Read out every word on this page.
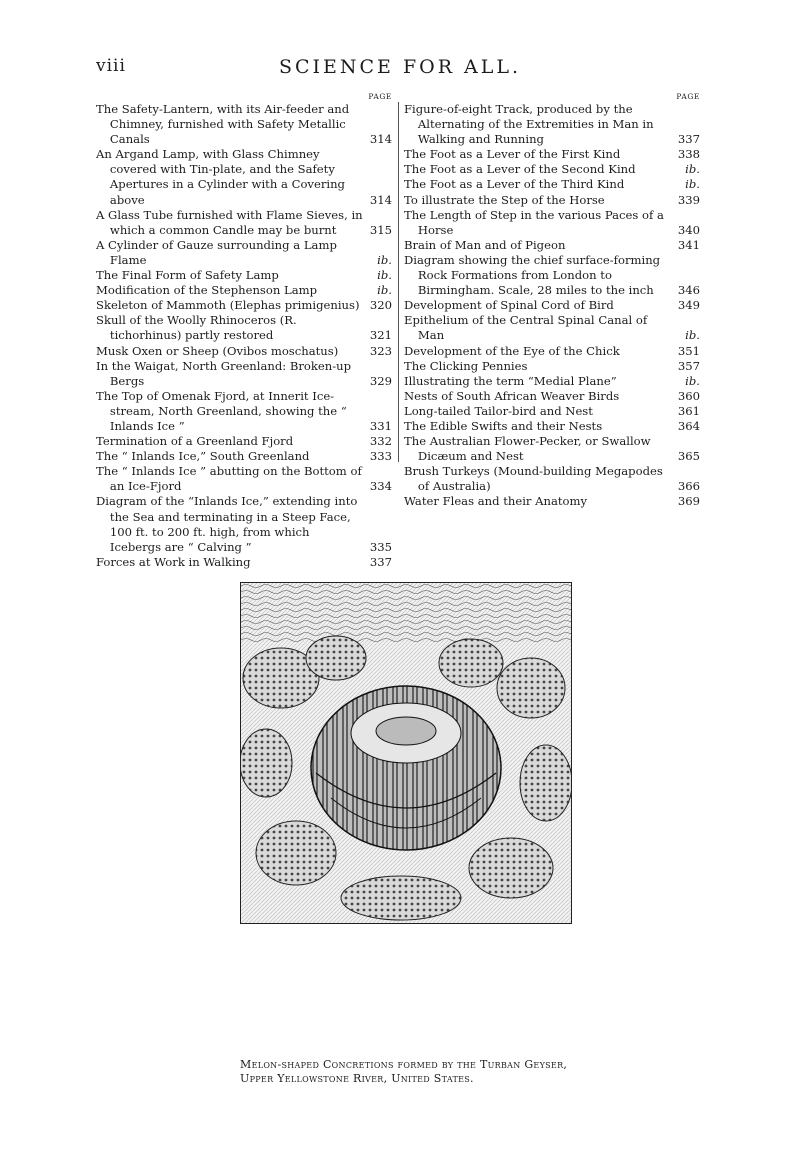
viii	SCIENCE FOR ALL.
PAGE
The Safety-Lantern, with its Air-feeder and Chimney, furnished with Safety Metallic Canals	314
An Argand Lamp, with Glass Chimney covered with Tin-plate, and the Safety Apertures in a Cylinder with a Covering above	314
A Glass Tube furnished with Flame Sieves, in which a common Candle may be burnt	315
A Cylinder of Gauze surrounding a Lamp Flame	ib.
The Final Form of Safety Lamp	ib.
Modification of the Stephenson Lamp	ib.
Skeleton of Mammoth (Elephas primigenius) 320
Skull of the Woolly Rhinoceros (R. tichorhinus) partly restored	321
Musk Oxen or Sheep (Ovibos moschatus)	323
In the Waigat, North Greenland: Broken-up Bergs	329
The Top of Omenak Fjord, at Innerit Ice-stream, North Greenland, showing the “ Inlands Ice ”	331
Termination of a Greenland Fjord	332
The “ Inlands Ice,” South Greenland	333
The “ Inlands Ice ” abutting on the Bottom of an Ice-Fjord	334
Diagram of the “Inlands Ice,” extending into the Sea and terminating in a Steep Face, 100 ft. to 200 ft. high, from which Icebergs are “ Calving ”	335
Forces at Work in Walking	337
PAGE
Figure-of-eight Track, produced by the Alternating of the Extremities in Man in Walking and Running	337
The Foot as a Lever of the First Kind	338
The Foot as a Lever of the Second Kind	ib.
The Foot as a Lever of the Third Kind	ib.
To illustrate the Step of the Horse	339
The Length of Step in the various Paces of a Horse	340
Brain of Man and of Pigeon	341
Diagram showing the chief surface-forming Rock Formations from London to Birmingham. Scale, 28 miles to the inch	346
Development of Spinal Cord of Bird	349
Epithelium of the Central Spinal Canal of Man	ib.
Development of the Eye of the Chick	351
The Clicking Pennies	357
Illustrating the term “Medial Plane”	ib.
Nests of South African Weaver Birds	360
Long-tailed Tailor-bird and Nest	361
The Edible Swifts and their Nests	364
The Australian Flower-Pecker, or Swallow Dicæum and Nest	365
Brush Turkeys (Mound-building Megapodes of Australia)	366
Water Fleas and their Anatomy	369
Melon-shaped Concretions formed by the Turban Geyser, Upper Yellowstone River, United States.
